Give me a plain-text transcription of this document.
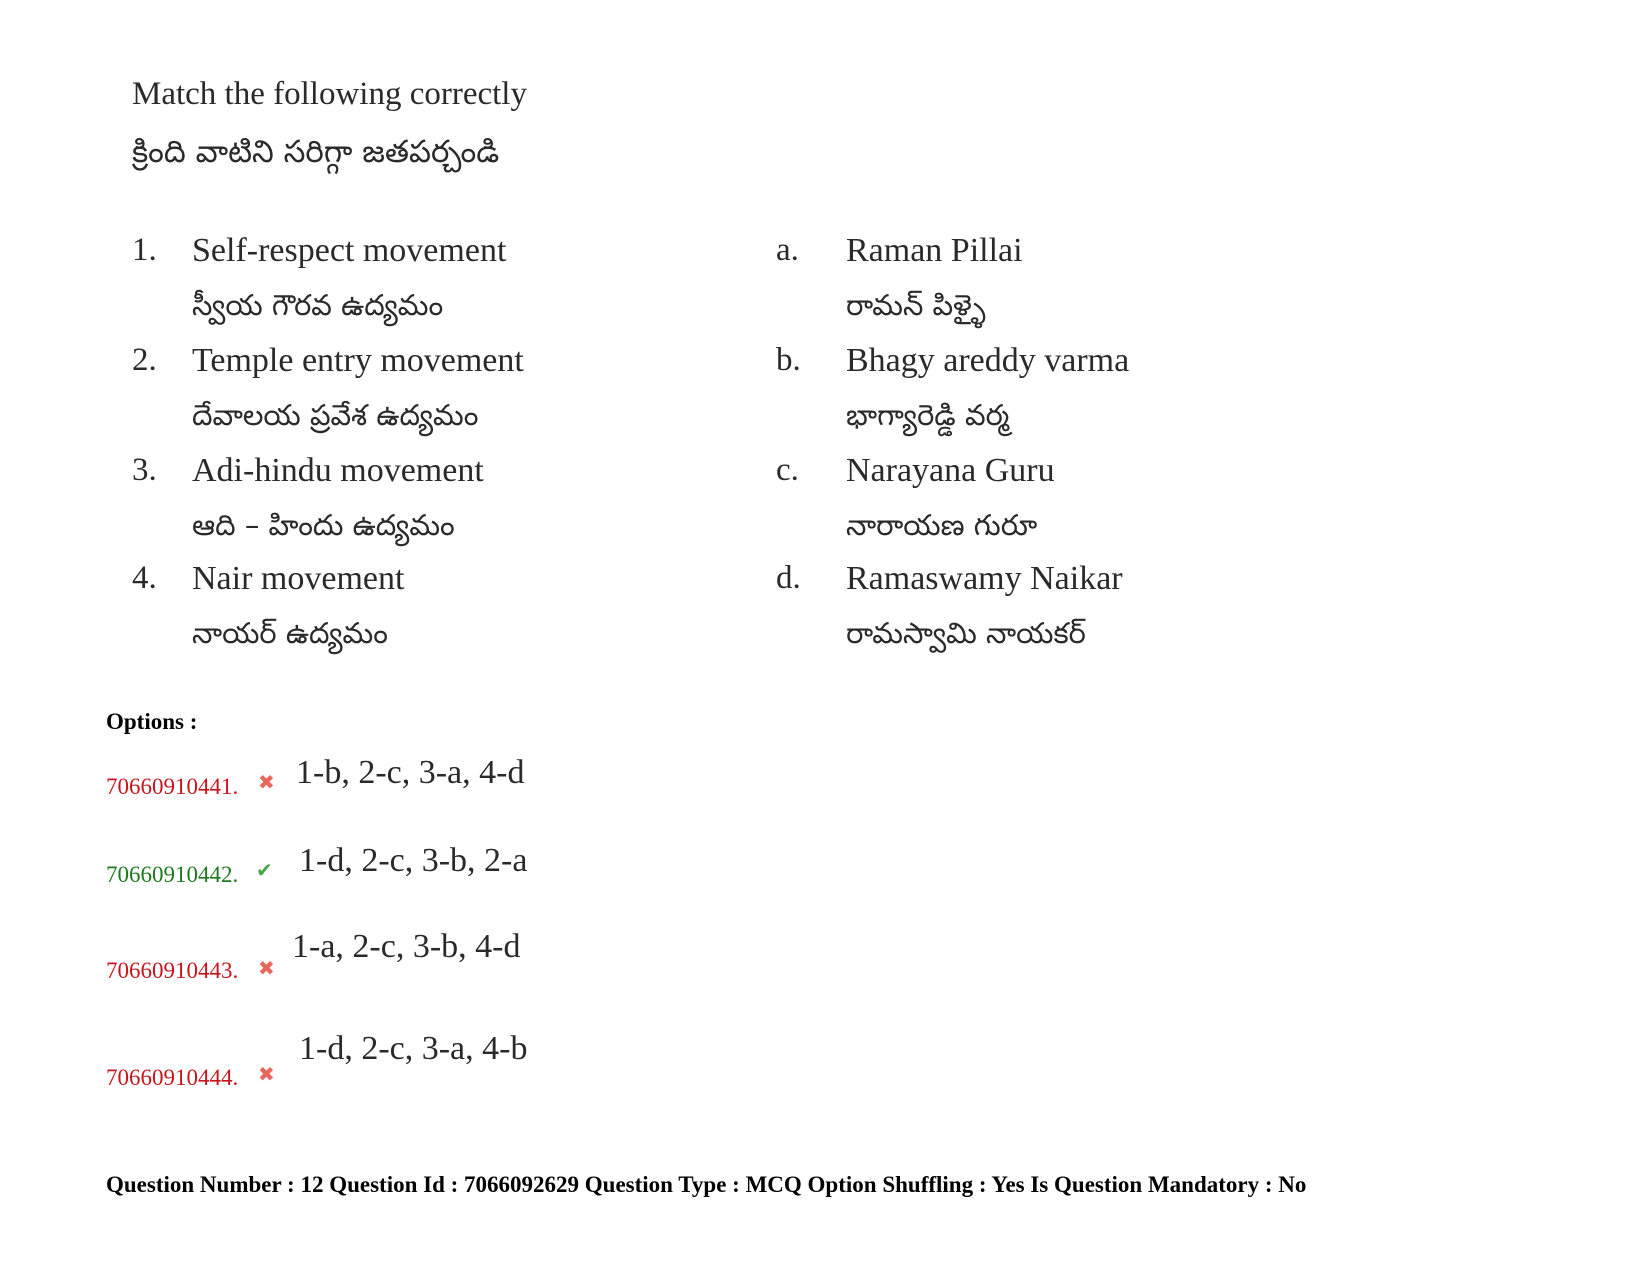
Match the following correctly
క్రింది వాటిని సరిగ్గా జతపర్చండి
1. Self-respect movement
స్వీయ గౌరవ ఉద్యమం
2. Temple entry movement
దేవాలయ ప్రవేశ ఉద్యమం
3. Adi-hindu movement
ఆది – హిందు ఉద్యమం
4. Nair movement
నాయర్ ఉద్యమం
a. Raman Pillai
రామన్ పిళ్ళై
b. Bhagy areddy varma
భాగ్యారెడ్డి వర్మ
c. Narayana Guru
నారాయణ గురూ
d. Ramaswamy Naikar
రామస్వామి నాయకర్
Options :
70660910441. ✖ 1-b, 2-c, 3-a, 4-d
70660910442. ✔ 1-d, 2-c, 3-b, 2-a
70660910443. ✖
1-a, 2-c, 3-b, 4-d
70660910444. ✖
1-d, 2-c, 3-a, 4-b
Question Number : 12 Question Id : 7066092629 Question Type : MCQ Option Shuffling : Yes Is Question Mandatory : No
